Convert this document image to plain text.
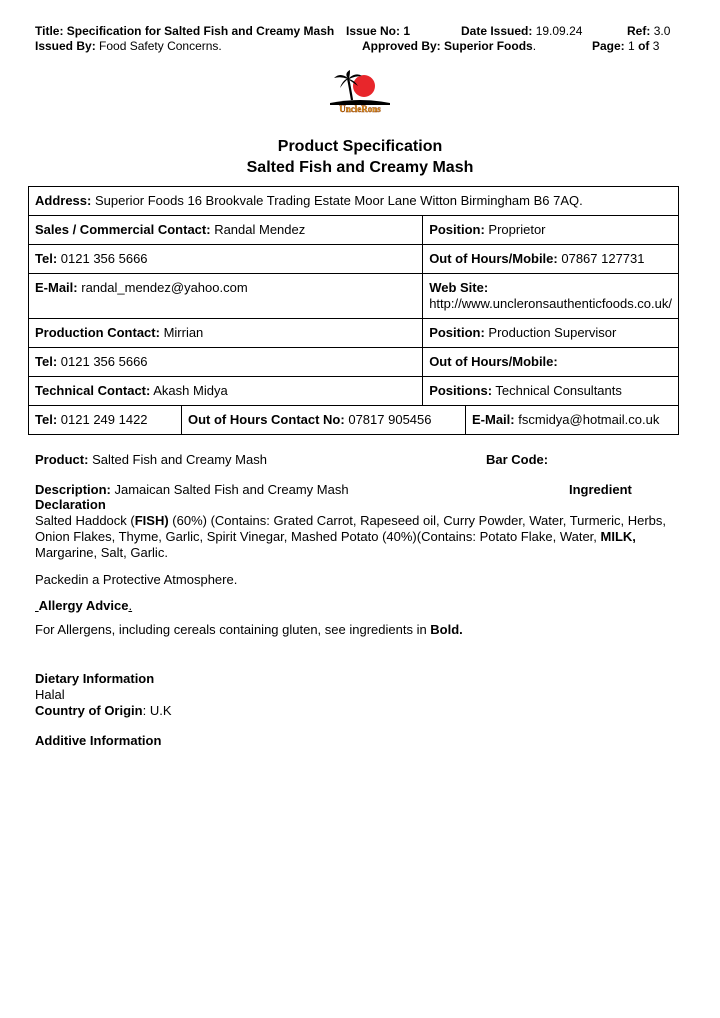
Title: Specification for Salted Fish and Creamy Mash Issue No: 1	Date Issued: 19.09.24	Ref: 3.0
Issued By: Food Safety Concerns.	Approved By: Superior Foods.	Page: 1 of 3
UncleRons
Product Specification
Salted Fish and Creamy Mash
Address: Superior Foods 16 Brookvale Trading Estate Moor Lane Witton Birmingham B6 7AQ.			
Sales / Commercial Contact: Randal Mendez		Position: Proprietor	
Tel: 0121 356 5666		Out of Hours/Mobile: 07867 127731	
E-Mail: randal_mendez@yahoo.com		Web Site:
http://www.uncleronsauthenticfoods.co.uk/	
Production Contact: Mirrian		Position: Production Supervisor	
Tel: 0121 356 5666		Out of Hours/Mobile:	
Technical Contact: Akash Midya		Positions: Technical Consultants	
Tel: 0121 249 1422	Out of Hours Contact No: 07817 905456		E-Mail: fscmidya@hotmail.co.uk
Product: Salted Fish and Creamy Mash	Bar Code:
Description: Jamaican Salted Fish and Creamy Mash	Ingredient
Declaration
Salted Haddock (FISH) (60%) (Contains: Grated Carrot, Rapeseed oil, Curry Powder, Water, Turmeric, Herbs, Onion Flakes, Thyme, Garlic, Spirit Vinegar, Mashed Potato (40%)(Contains: Potato Flake, Water, MILK, Margarine, Salt, Garlic.
Packedin a Protective Atmosphere.
Allergy Advice.
For Allergens, including cereals containing gluten, see ingredients in Bold.
Dietary Information
Halal
Country of Origin: U.K
Additive Information
